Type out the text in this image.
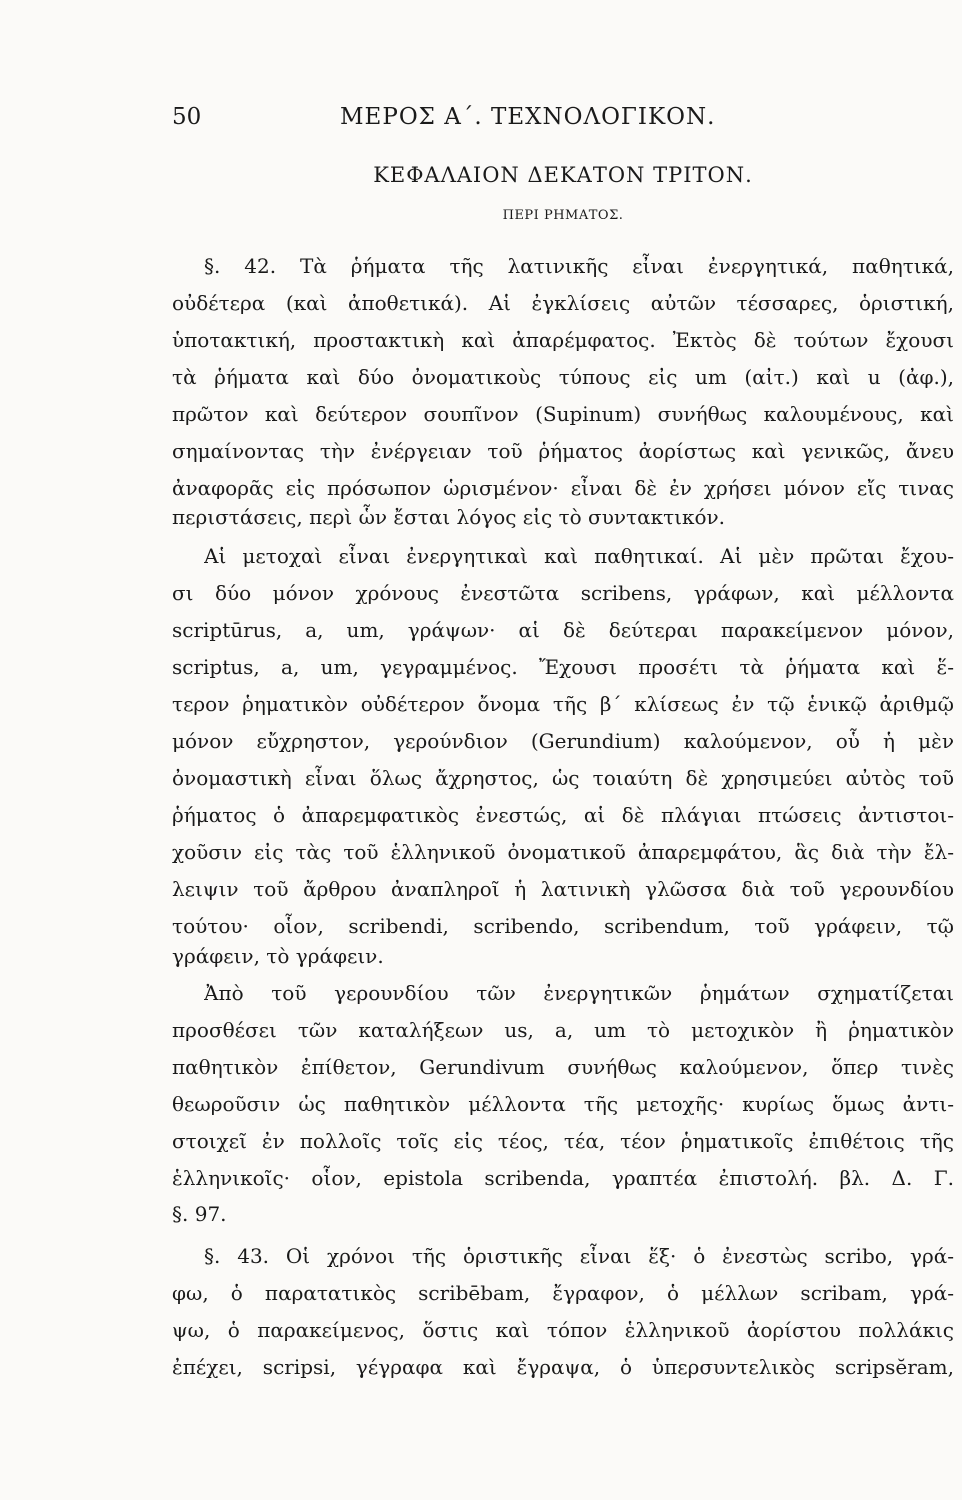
50	ΜΕΡΟΣ Α΄. ΤΕΧΝΟΛΟΓΙΚΟΝ.
ΚΕΦΑΛΑΙΟΝ ΔΕΚΑΤΟΝ ΤΡΙΤΟΝ.
ΠΕΡΙ ΡΗΜΑΤΟΣ.
§. 42. Τὰ ῥήματα τῆς λατινικῆς εἶναι ἐνεργητικά, παθητικά,
οὐδέτερα (καὶ ἀποθετικά). Αἱ ἐγκλίσεις αὐτῶν τέσσαρες, ὁριστική,
ὑποτακτική, προστακτικὴ καὶ ἀπαρέμφατος. Ἐκτὸς δὲ τούτων ἔχουσι
τὰ ῥήματα καὶ δύο ὀνοματικοὺς τύπους εἰς um (αἰτ.) καὶ u (ἀφ.),
πρῶτον καὶ δεύτερον σουπῖνον (Supinum) συνήθως καλουμένους, καὶ
σημαίνοντας τὴν ἐνέργειαν τοῦ ῥήματος ἀορίστως καὶ γενικῶς, ἄνευ
ἀναφορᾶς εἰς πρόσωπον ὡρισμένον· εἶναι δὲ ἐν χρήσει μόνον εἴς τινας
περιστάσεις, περὶ ὧν ἔσται λόγος εἰς τὸ συντακτικόν.
Αἱ μετοχαὶ εἶναι ἐνεργητικαὶ καὶ παθητικαί. Αἱ μὲν πρῶται ἔχου-
σι δύο μόνον χρόνους ἐνεστῶτα scribens, γράφων, καὶ μέλλοντα
scriptūrus, a, um, γράψων· αἱ δὲ δεύτεραι παρακείμενον μόνον,
scriptus, a, um, γεγραμμένος. Ἔχουσι προσέτι τὰ ῥήματα καὶ ἕ-
τερον ῥηματικὸν οὐδέτερον ὄνομα τῆς β΄ κλίσεως ἐν τῷ ἑνικῷ ἀριθμῷ
μόνον εὔχρηστον, γερούνδιον (Gerundium) καλούμενον, οὗ ἡ μὲν
ὀνομαστικὴ εἶναι ὅλως ἄχρηστος, ὡς τοιαύτη δὲ χρησιμεύει αὐτὸς τοῦ
ῥήματος ὁ ἀπαρεμφατικὸς ἐνεστώς, αἱ δὲ πλάγιαι πτώσεις ἀντιστοι-
χοῦσιν εἰς τὰς τοῦ ἑλληνικοῦ ὀνοματικοῦ ἀπαρεμφάτου, ἃς διὰ τὴν ἔλ-
λειψιν τοῦ ἄρθρου ἀναπληροῖ ἡ λατινικὴ γλῶσσα διὰ τοῦ γερουνδίου
τούτου· οἷον, scribendi, scribendo, scribendum, τοῦ γράφειν, τῷ
γράφειν, τὸ γράφειν.
Ἀπὸ τοῦ γερουνδίου τῶν ἐνεργητικῶν ῥημάτων σχηματίζεται
προσθέσει τῶν καταλήξεων us, a, um τὸ μετοχικὸν ἢ ῥηματικὸν
παθητικὸν ἐπίθετον, Gerundivum συνήθως καλούμενον, ὅπερ τινὲς
θεωροῦσιν ὡς παθητικὸν μέλλοντα τῆς μετοχῆς· κυρίως ὅμως ἀντι-
στοιχεῖ ἐν πολλοῖς τοῖς εἰς τέος, τέα, τέον ῥηματικοῖς ἐπιθέτοις τῆς
ἑλληνικοῖς· οἷον, epistola scribenda, γραπτέα ἐπιστολή. βλ. Δ. Γ.
§. 97.
§. 43. Οἱ χρόνοι τῆς ὁριστικῆς εἶναι ἕξ· ὁ ἐνεστὼς scribo, γρά-
φω, ὁ παρατατικὸς scribēbam, ἔγραφον, ὁ μέλλων scribam, γρά-
ψω, ὁ παρακείμενος, ὅστις καὶ τόπον ἑλληνικοῦ ἀορίστου πολλάκις
ἐπέχει, scripsi, γέγραφα καὶ ἔγραψα, ὁ ὑπερσυντελικὸς scripsĕram,
